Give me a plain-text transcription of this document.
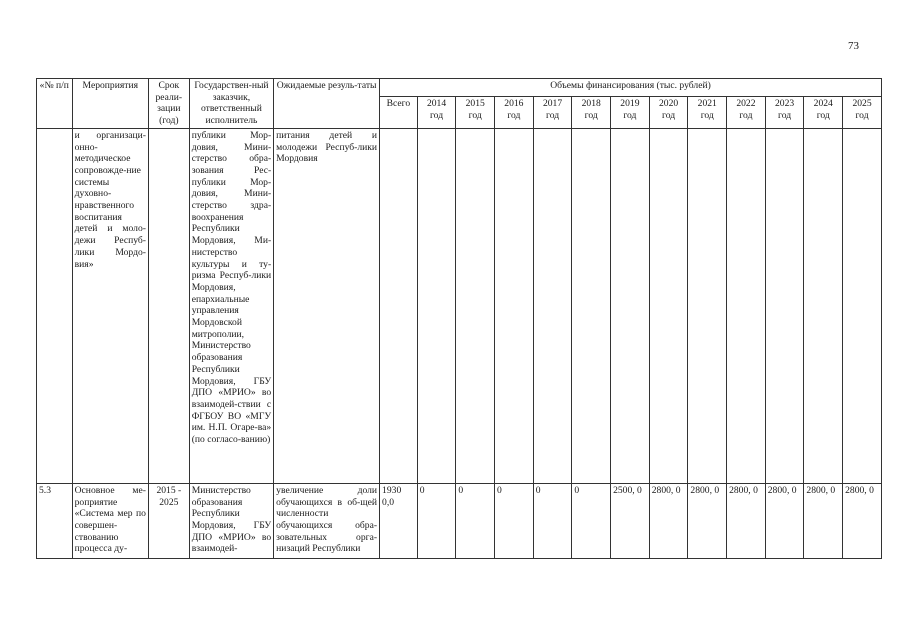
73
«№ п/п	Мероприятия	Срок реали-зации (год)	Государствен-ный заказчик, ответственный исполнитель	Ожидаемые резуль-таты	Объемы финансирования (тыс. рублей)												
					Всего	2014 год	2015 год	2016 год	2017 год	2018 год	2019 год	2020 год	2021 год	2022 год	2023 год	2024 год	2025 год
	и организаци-онно-методическое сопровожде-ние системы духовно-нравственного воспитания детей и моло-дежи Респуб-лики Мордо-вия»		публики Мор-довия, Мини-стерство обра-зования Рес-публики Мор-довия, Мини-стерство здра-воохранения Республики Мордовия, Ми-нистерство культуры и ту-ризма Респуб-лики Мордовия, епархиальные управления Мордовской митрополии, Министерство образования Республики Мордовия, ГБУ ДПО «МРИО» во взаимодей-ствии с ФГБОУ ВО «МГУ им. Н.П. Огаре-ва» (по согласо-ванию)	питания детей и молодежи Респуб-лики Мордовия													
5.3	Основное ме-роприятие «Система мер по совершен-ствованию процесса ду-	2015 - 2025	Министерство образования Республики Мордовия, ГБУ ДПО «МРИО» во взаимодей-	увеличение доли обучающихся в об-щей численности обучающихся обра-зовательных орга-низаций Республики	1930 0,0	0	0	0	0	0	2500, 0	2800, 0	2800, 0	2800, 0	2800, 0	2800, 0	2800, 0
